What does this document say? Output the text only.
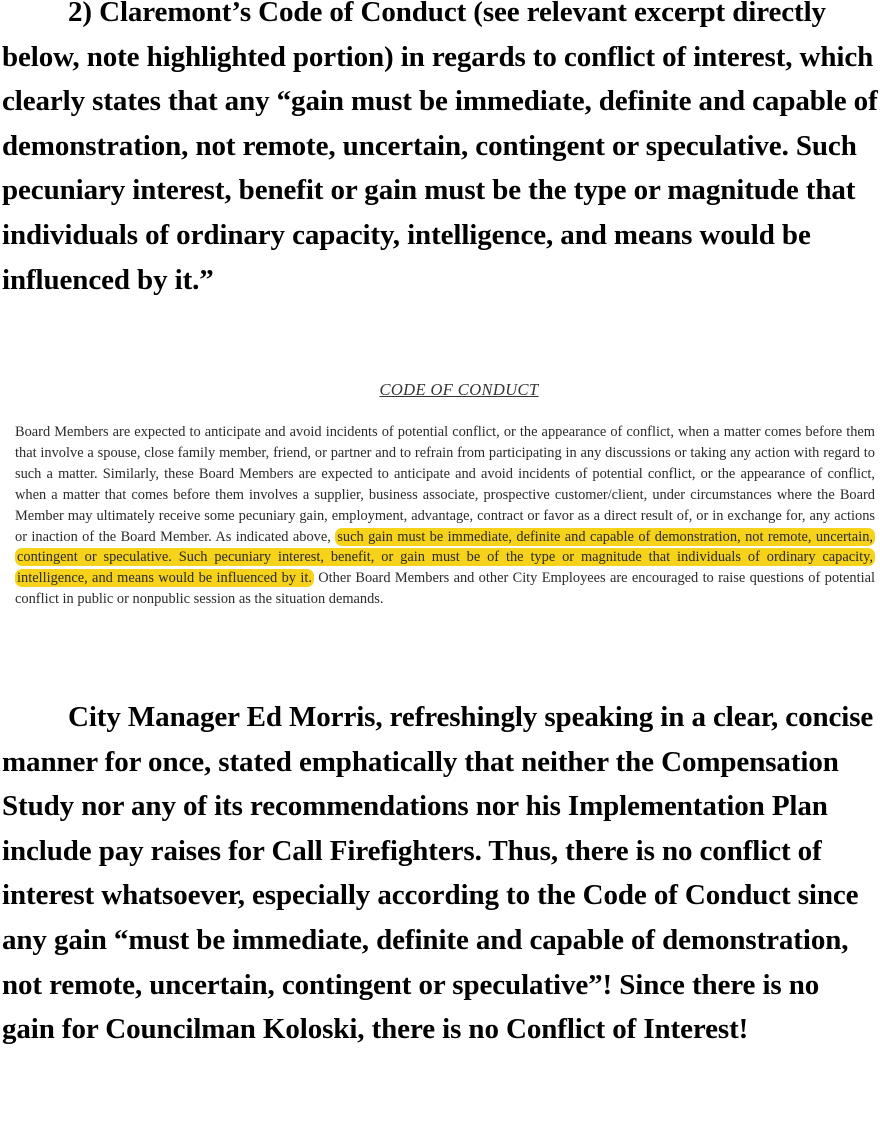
2) Claremont’s Code of Conduct (see relevant excerpt directly below, note highlighted portion) in regards to conflict of interest, which clearly states that any “gain must be immediate, definite and capable of demonstration, not remote, uncertain, contingent or speculative. Such pecuniary interest, benefit or gain must be the type or magnitude that individuals of ordinary capacity, intelligence, and means would be influenced by it.”

CODE OF CONDUCT

Board Members are expected to anticipate and avoid incidents of potential conflict, or the appearance of conflict, when a matter comes before them that involve a spouse, close family member, friend, or partner and to refrain from participating in any discussions or taking any action with regard to such a matter. Similarly, these Board Members are expected to anticipate and avoid incidents of potential conflict, or the appearance of conflict, when a matter that comes before them involves a supplier, business associate, prospective customer/client, under circumstances where the Board Member may ultimately receive some pecuniary gain, employment, advantage, contract or favor as a direct result of, or in exchange for, any actions or inaction of the Board Member. As indicated above, such gain must be immediate, definite and capable of demonstration, not remote, uncertain, contingent or speculative. Such pecuniary interest, benefit, or gain must be of the type or magnitude that individuals of ordinary capacity, intelligence, and means would be influenced by it. Other Board Members and other City Employees are encouraged to raise questions of potential conflict in public or nonpublic session as the situation demands.

City Manager Ed Morris, refreshingly speaking in a clear, concise manner for once, stated emphatically that neither the Compensation Study nor any of its recommendations nor his Implementation Plan include pay raises for Call Firefighters. Thus, there is no conflict of interest whatsoever, especially according to the Code of Conduct since any gain “must be immediate, definite and capable of demonstration, not remote, uncertain, contingent or speculative”! Since there is no gain for Councilman Koloski, there is no Conflict of Interest!
